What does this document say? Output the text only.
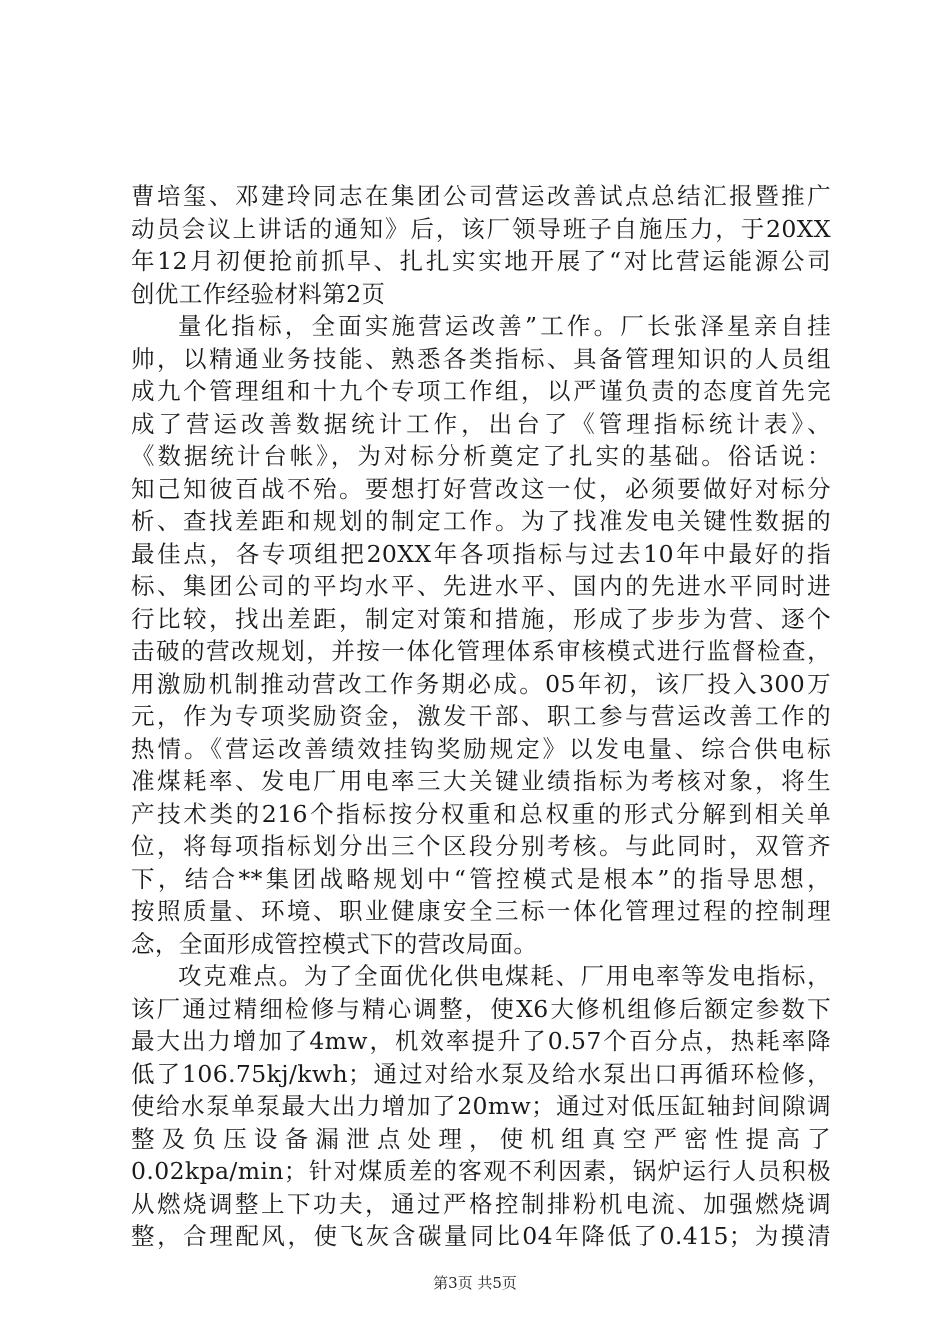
曹培玺、邓建玲同志在集团公司营运改善试点总结汇报暨推广
动员会议上讲话的通知》后，该厂领导班子自施压力，于20XX
年12月初便抢前抓早、扎扎实实地开展了“对比营运能源公司
创优工作经验材料第2页
量化指标，全面实施营运改善”工作。厂长张泽星亲自挂
帅，以精通业务技能、熟悉各类指标、具备管理知识的人员组
成九个管理组和十九个专项工作组，以严谨负责的态度首先完
成了营运改善数据统计工作，出台了《管理指标统计表》、
《数据统计台帐》，为对标分析奠定了扎实的基础。俗话说：
知己知彼百战不殆。要想打好营改这一仗，必须要做好对标分
析、查找差距和规划的制定工作。为了找准发电关键性数据的
最佳点，各专项组把20XX年各项指标与过去10年中最好的指
标、集团公司的平均水平、先进水平、国内的先进水平同时进
行比较，找出差距，制定对策和措施，形成了步步为营、逐个
击破的营改规划，并按一体化管理体系审核模式进行监督检查，
用激励机制推动营改工作务期必成。05年初，该厂投入300万
元，作为专项奖励资金，激发干部、职工参与营运改善工作的
热情。《营运改善绩效挂钩奖励规定》以发电量、综合供电标
准煤耗率、发电厂用电率三大关键业绩指标为考核对象，将生
产技术类的216个指标按分权重和总权重的形式分解到相关单
位，将每项指标划分出三个区段分别考核。与此同时，双管齐
下，结合**集团战略规划中“管控模式是根本”的指导思想，
按照质量、环境、职业健康安全三标一体化管理过程的控制理
念，全面形成管控模式下的营改局面。
攻克难点。为了全面优化供电煤耗、厂用电率等发电指标，
该厂通过精细检修与精心调整，使X6大修机组修后额定参数下
最大出力增加了4mw，机效率提升了0.57个百分点，热耗率降
低了106.75kj/kwh；通过对给水泵及给水泵出口再循环检修，
使给水泵单泵最大出力增加了20mw；通过对低压缸轴封间隙调
整及负压设备漏泄点处理，使机组真空严密性提高了
0.02kpa/min；针对煤质差的客观不利因素，锅炉运行人员积极
从燃烧调整上下功夫，通过严格控制排粉机电流、加强燃烧调
整，合理配风，使飞灰含碳量同比04年降低了0.415；为摸清
第3页 共5页
